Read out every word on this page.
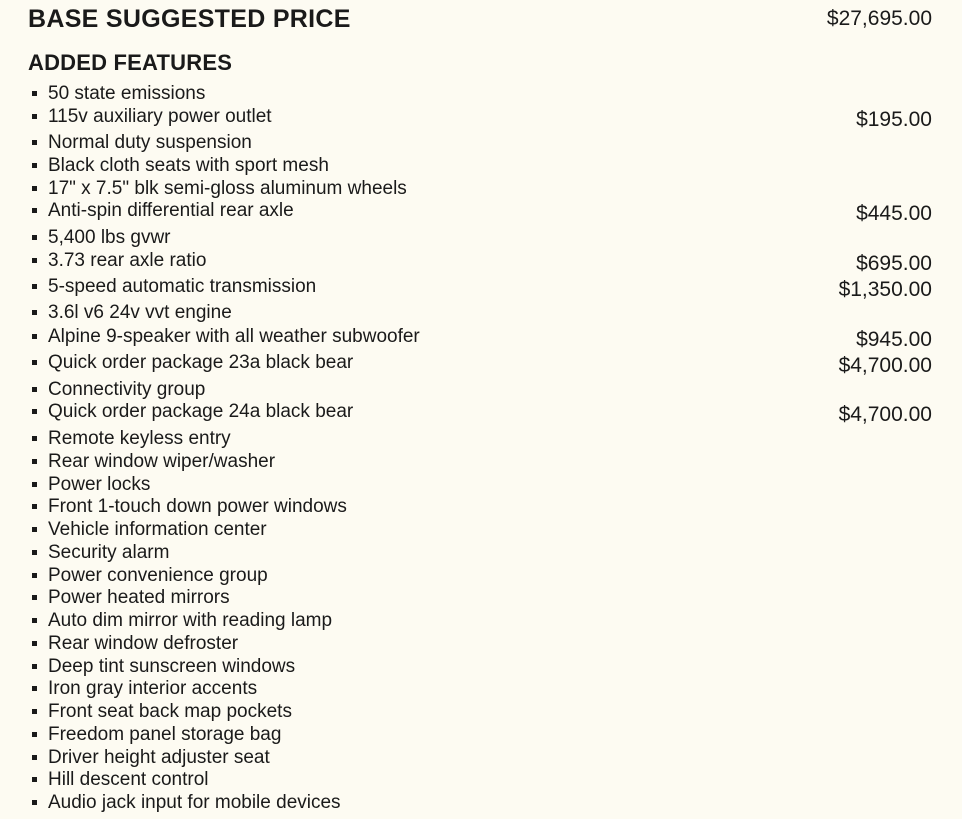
BASE SUGGESTED PRICE	$27,695.00
ADDED FEATURES
50 state emissions
115v auxiliary power outlet	$195.00
Normal duty suspension
Black cloth seats with sport mesh
17" x 7.5" blk semi-gloss aluminum wheels
Anti-spin differential rear axle	$445.00
5,400 lbs gvwr
3.73 rear axle ratio	$695.00
5-speed automatic transmission	$1,350.00
3.6l v6 24v vvt engine
Alpine 9-speaker with all weather subwoofer	$945.00
Quick order package 23a black bear	$4,700.00
Connectivity group
Quick order package 24a black bear	$4,700.00
Remote keyless entry
Rear window wiper/washer
Power locks
Front 1-touch down power windows
Vehicle information center
Security alarm
Power convenience group
Power heated mirrors
Auto dim mirror with reading lamp
Rear window defroster
Deep tint sunscreen windows
Iron gray interior accents
Front seat back map pockets
Freedom panel storage bag
Driver height adjuster seat
Hill descent control
Audio jack input for mobile devices
